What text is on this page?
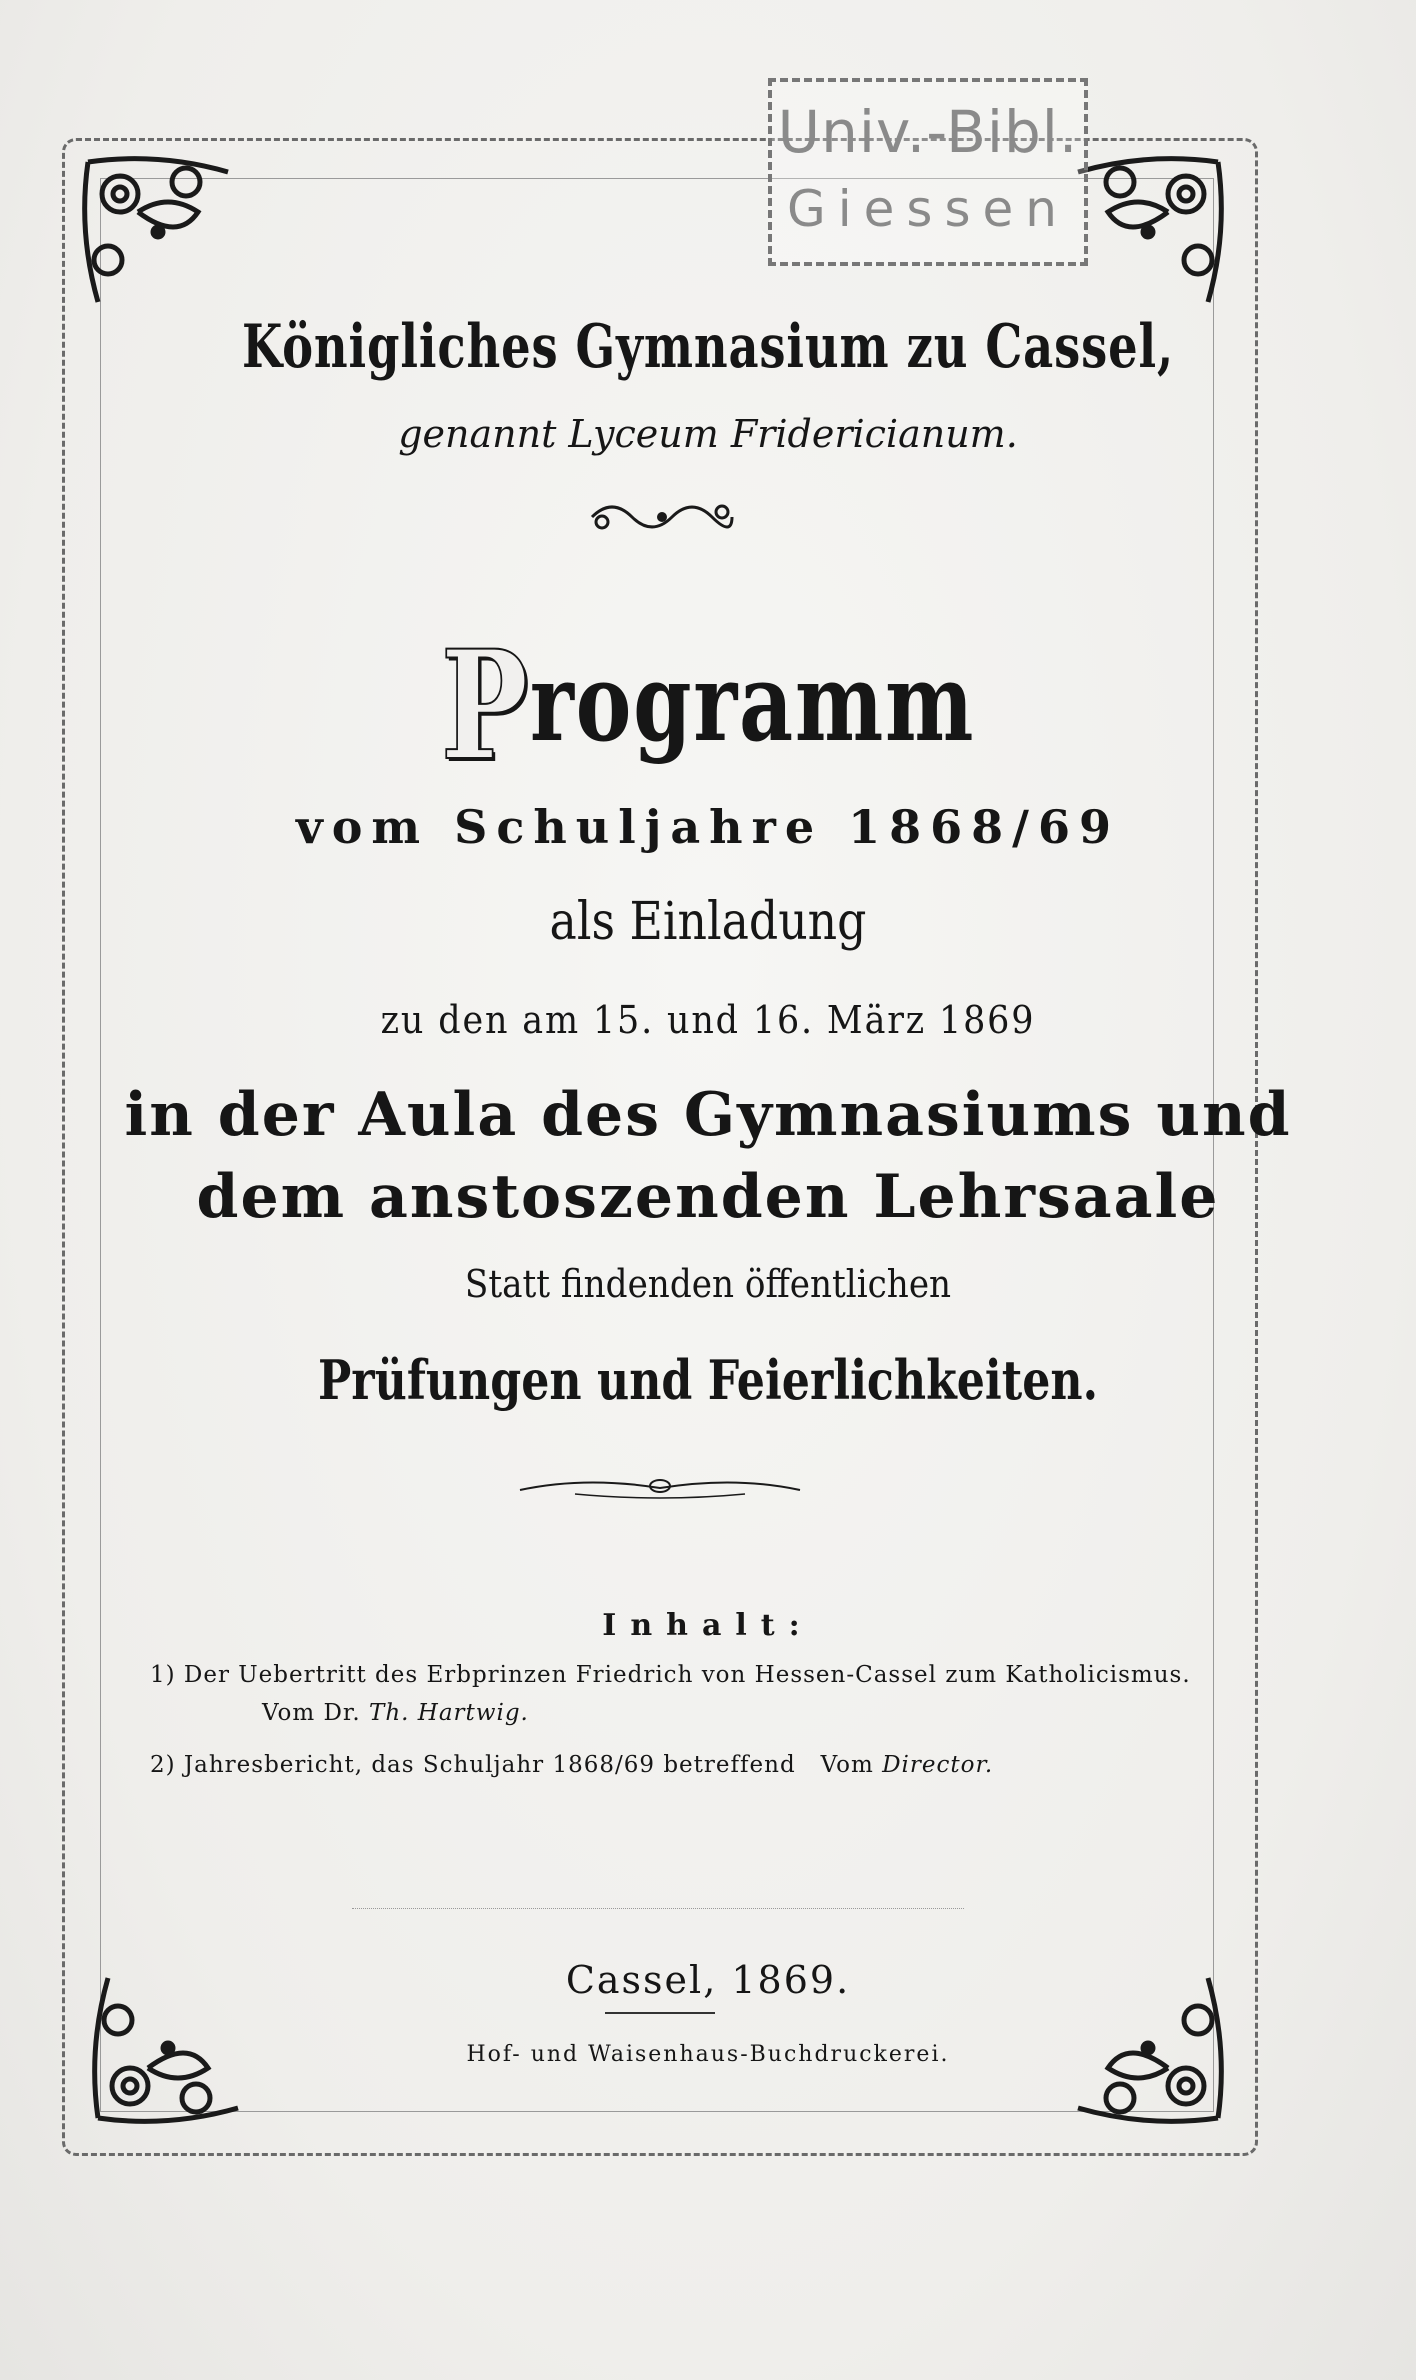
Univ.-Bibl.
Giessen
Königliches Gymnasium zu Cassel,
genannt Lyceum Fridericianum.
Programm
vom Schuljahre 1868/69
als Einladung
zu den am 15. und 16. März 1869
in der Aula des Gymnasiums und
dem anstoszenden Lehrsaale
Statt findenden öffentlichen
Prüfungen und Feierlichkeiten.
Inhalt:
1) Der Uebertritt des Erbprinzen Friedrich von Hessen-Cassel zum Katholicismus.
Vom Dr. Th. Hartwig.
2) Jahresbericht, das Schuljahr 1868/69 betreffend Vom Director.
Cassel, 1869.
Hof- und Waisenhaus-Buchdruckerei.
